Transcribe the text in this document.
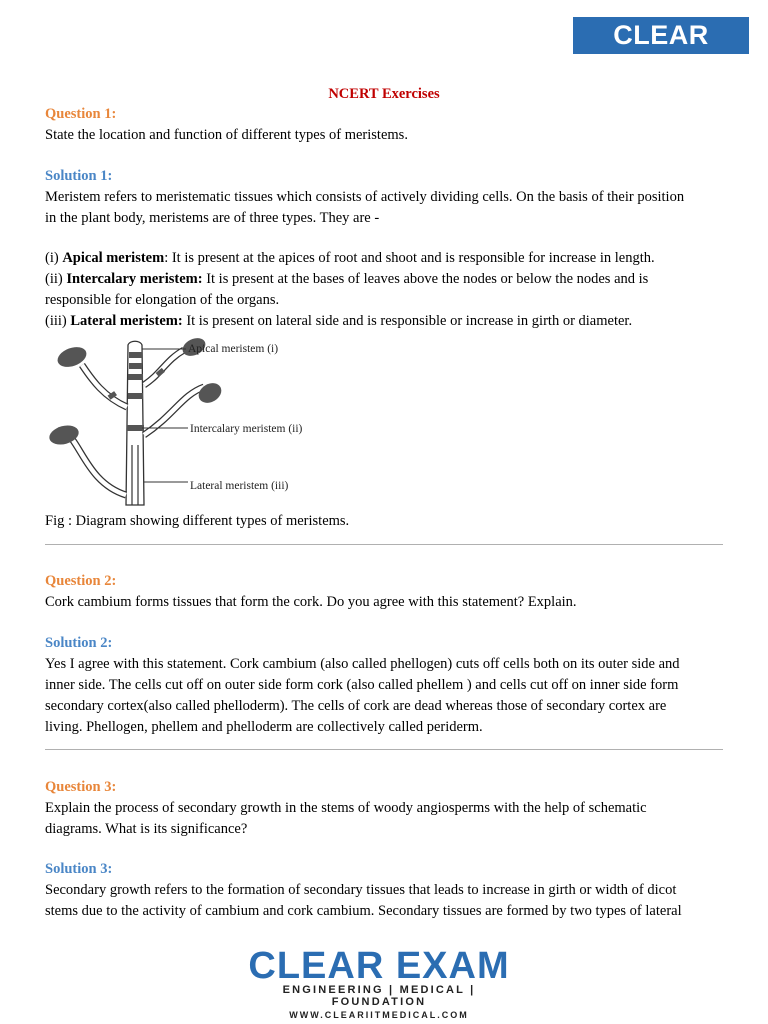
CLEAR EXAM
NCERT Exercises
Question 1:
State the location and function of different types of meristems.
Solution 1:
Meristem refers to meristematic tissues which consists of actively dividing cells. On the basis of their position
in the plant body, meristems are of three types. They are -
(i) Apical meristem: It is present at the apices of root and shoot and is responsible for increase in length.
(ii) Intercalary meristem: It is present at the bases of leaves above the nodes or below the nodes and is
responsible for elongation of the organs.
(iii) Lateral meristem: It is present on lateral side and is responsible or increase in girth or diameter.
Apical meristem (i)
Intercalary meristem (ii)
Lateral meristem (iii)
Fig : Diagram showing different types of meristems.
Question 2:
Cork cambium forms tissues that form the cork. Do you agree with this statement? Explain.
Solution 2:
Yes I agree with this statement. Cork cambium (also called phellogen) cuts off cells both on its outer side and
inner side. The cells cut off on outer side form cork (also called phellem ) and cells cut off on inner side form
secondary cortex(also called phelloderm). The cells of cork are dead whereas those of secondary cortex are
living. Phellogen, phellem and phelloderm are collectively called periderm.
Question 3:
Explain the process of secondary growth in the stems of woody angiosperms with the help of schematic
diagrams. What is its significance?
Solution 3:
Secondary growth refers to the formation of secondary tissues that leads to increase in girth or width of dicot
stems due to the activity of cambium and cork cambium. Secondary tissues are formed by two types of lateral
CLEAR EXAM
ENGINEERING | MEDICAL | FOUNDATION
WWW.CLEARIITMEDICAL.COM
